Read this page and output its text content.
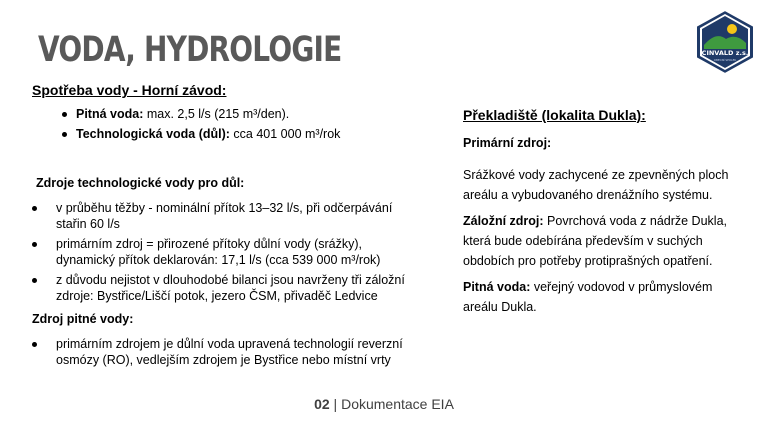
VODA, HYDROLOGIE	CINVALD z.s.
OBECNÍ SPOLEK
Spotřeba vody - Horní závod:
Pitná voda: max. 2,5 l/s (215 m³/den).
Technologická voda (důl): cca 401 000 m³/rok
Zdroje technologické vody pro důl:
v průběhu těžby - nominální přítok 13–32 l/s, při odčerpávání
stařin 60 l/s
primárním zdroj = přirozené přítoky důlní vody (srážky),
dynamický přítok deklarován: 17,1 l/s (cca 539 000 m³/rok)
z důvodu nejistot v dlouhodobé bilanci jsou navrženy tři záložní
zdroje: Bystřice/Liščí potok, jezero ČSM, přivaděč Ledvice
Zdroj pitné vody:
primárním zdrojem je důlní voda upravená technologií reverzní
osmózy (RO), vedlejším zdrojem je Bystřice nebo místní vrty
Překladiště (lokalita Dukla):
Primární zdroj:
Srážkové vody zachycené ze zpevněných ploch
areálu a vybudovaného drenážního systému.
Záložní zdroj: Povrchová voda z nádrže Dukla,
která bude odebírána především v suchých
obdobích pro potřeby protiprašných opatření.
Pitná voda: veřejný vodovod v průmyslovém
areálu Dukla.
02 | Dokumentace EIA
